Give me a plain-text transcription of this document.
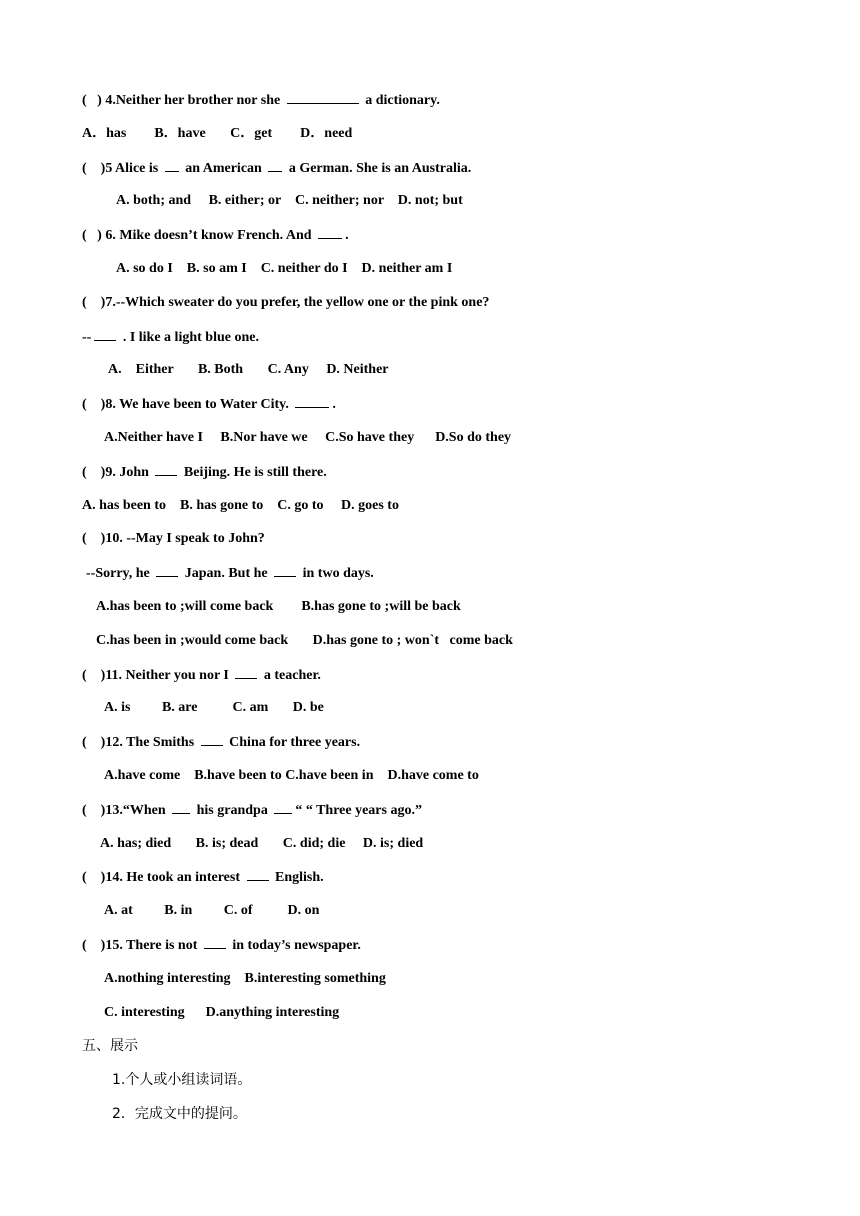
(   ) 4.Neither her brother nor she	a dictionary.
A．has        B．have       C．get        D．need
(    )5 Alice is  an American  a German. She is an Australia.
A. both; and     B. either; or    C. neither; nor    D. not; but
(   ) 6. Mike doesn’t know French. And .
A. so do I    B. so am I    C. neither do I    D. neither am I
(    )7.--Which sweater do you prefer, the yellow one or the pink one?
-- . I like a light blue one.
A.    Either       B. Both       C. Any     D. Neither
(    )8. We have been to Water City.	.
A.Neither have I     B.Nor have we     C.So have they      D.So do they
(    )9. John  Beijing. He is still there.
A. has been to    B. has gone to    C. go to     D. goes to
(    )10. --May I speak to John?
--Sorry, he  Japan. But he  in two days.
A.has been to ;will come back        B.has gone to ;will be back
C.has been in ;would come back       D.has gone to ; won`t   come back
(    )11. Neither you nor I  a teacher.
A. is         B. are          C. am       D. be
(    )12. The Smiths  China for three years.
A.have come    B.have been to C.have been in    D.have come to
(    )13.“When  his grandpa “ “ Three years ago.”
A. has; died       B. is; dead       C. did; die     D. is; died
(    )14. He took an interest  English.
A. at         B. in         C. of          D. on
(    )15. There is not  in today’s newspaper.
A.nothing interesting    B.interesting something
C. interesting      D.anything interesting
五、展示
1.个人或小组读词语。
2．完成文中的提问。
